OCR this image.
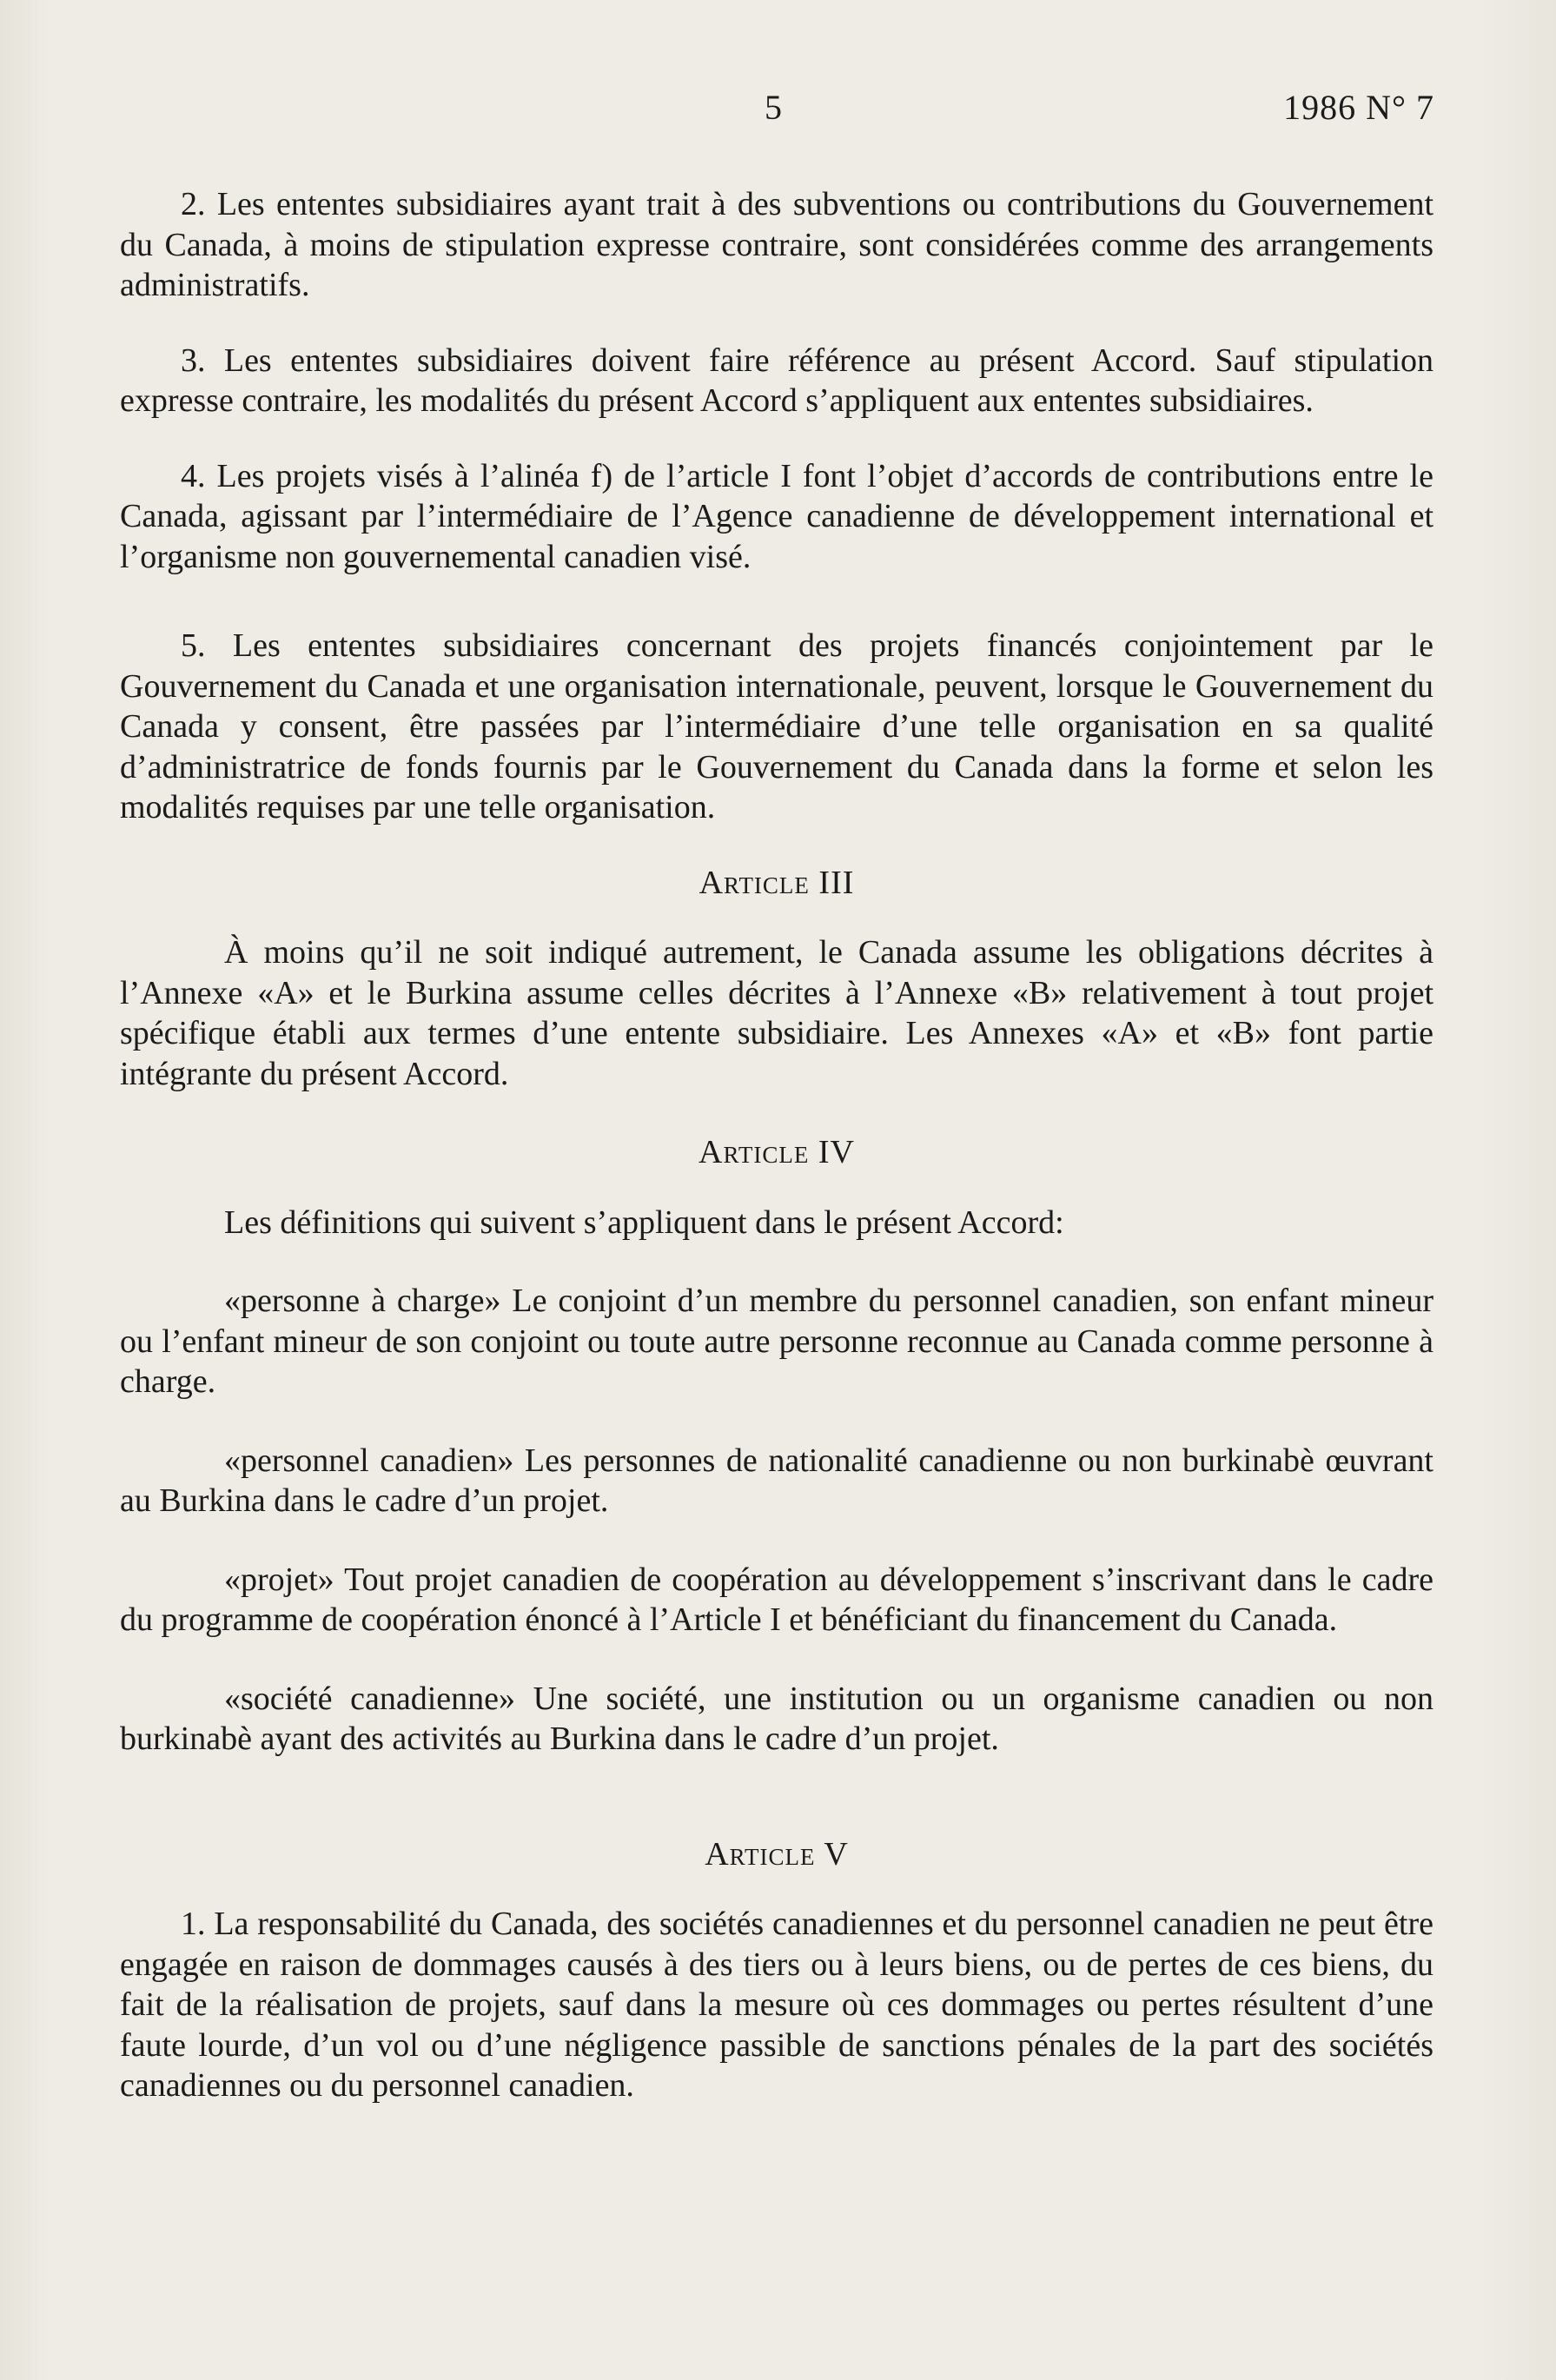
5	1986 N° 7

2. Les ententes subsidiaires ayant trait à des subventions ou contributions du Gouvernement du Canada, à moins de stipulation expresse contraire, sont considérées comme des arrangements administratifs.

3. Les ententes subsidiaires doivent faire référence au présent Accord. Sauf stipulation expresse contraire, les modalités du présent Accord s’appliquent aux ententes subsidiaires.

4. Les projets visés à l’alinéa f) de l’article I font l’objet d’accords de contributions entre le Canada, agissant par l’intermédiaire de l’Agence canadienne de développement international et l’organisme non gouvernemental canadien visé.

5. Les ententes subsidiaires concernant des projets financés conjointement par le Gouvernement du Canada et une organisation internationale, peuvent, lorsque le Gouvernement du Canada y consent, être passées par l’intermédiaire d’une telle organisation en sa qualité d’administratrice de fonds fournis par le Gouvernement du Canada dans la forme et selon les modalités requises par une telle organisation.

Article III

À moins qu’il ne soit indiqué autrement, le Canada assume les obligations décrites à l’Annexe «A» et le Burkina assume celles décrites à l’Annexe «B» relativement à tout projet spécifique établi aux termes d’une entente subsidiaire. Les Annexes «A» et «B» font partie intégrante du présent Accord.

Article IV

Les définitions qui suivent s’appliquent dans le présent Accord:

«personne à charge» Le conjoint d’un membre du personnel canadien, son enfant mineur ou l’enfant mineur de son conjoint ou toute autre personne reconnue au Canada comme personne à charge.

«personnel canadien» Les personnes de nationalité canadienne ou non burkinabè œuvrant au Burkina dans le cadre d’un projet.

«projet» Tout projet canadien de coopération au développement s’inscrivant dans le cadre du programme de coopération énoncé à l’Article I et bénéficiant du financement du Canada.

«société canadienne» Une société, une institution ou un organisme canadien ou non burkinabè ayant des activités au Burkina dans le cadre d’un projet.

Article V

1. La responsabilité du Canada, des sociétés canadiennes et du personnel canadien ne peut être engagée en raison de dommages causés à des tiers ou à leurs biens, ou de pertes de ces biens, du fait de la réalisation de projets, sauf dans la mesure où ces dommages ou pertes résultent d’une faute lourde, d’un vol ou d’une négligence passible de sanctions pénales de la part des sociétés canadiennes ou du personnel canadien.
